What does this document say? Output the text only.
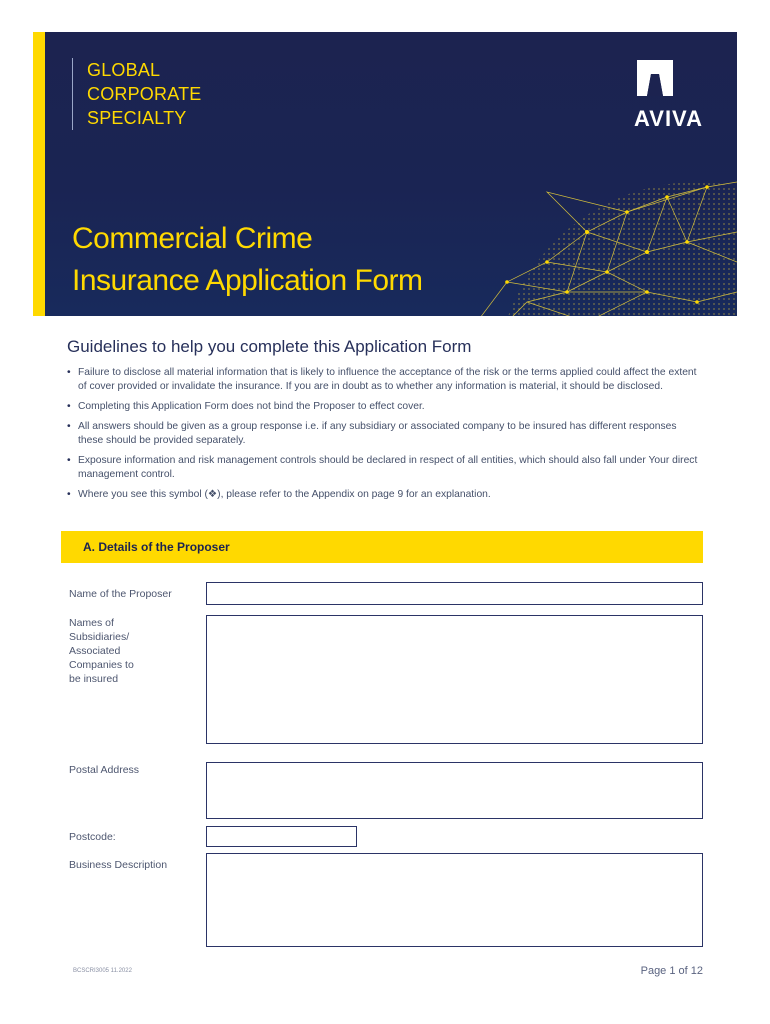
GLOBAL
CORPORATE
SPECIALTY	AVIVA
Commercial Crime
Insurance Application Form
Guidelines to help you complete this Application Form
• Failure to disclose all material information that is likely to influence the acceptance of the risk or the terms applied could affect the extent of cover provided or invalidate the insurance. If you are in doubt as to whether any information is material, it should be disclosed.
• Completing this Application Form does not bind the Proposer to effect cover.
• All answers should be given as a group response i.e. if any subsidiary or associated company to be insured has different responses these should be provided separately.
• Exposure information and risk management controls should be declared in respect of all entities, which should also fall under Your direct management control.
• Where you see this symbol (❖), please refer to the Appendix on page 9 for an explanation.
A. Details of the Proposer
Name of the Proposer
Names of
Subsidiaries/
Associated
Companies to
be insured
Postal Address
Postcode:
Business Description
BCSCRI3005 11.2022	Page 1 of 12
